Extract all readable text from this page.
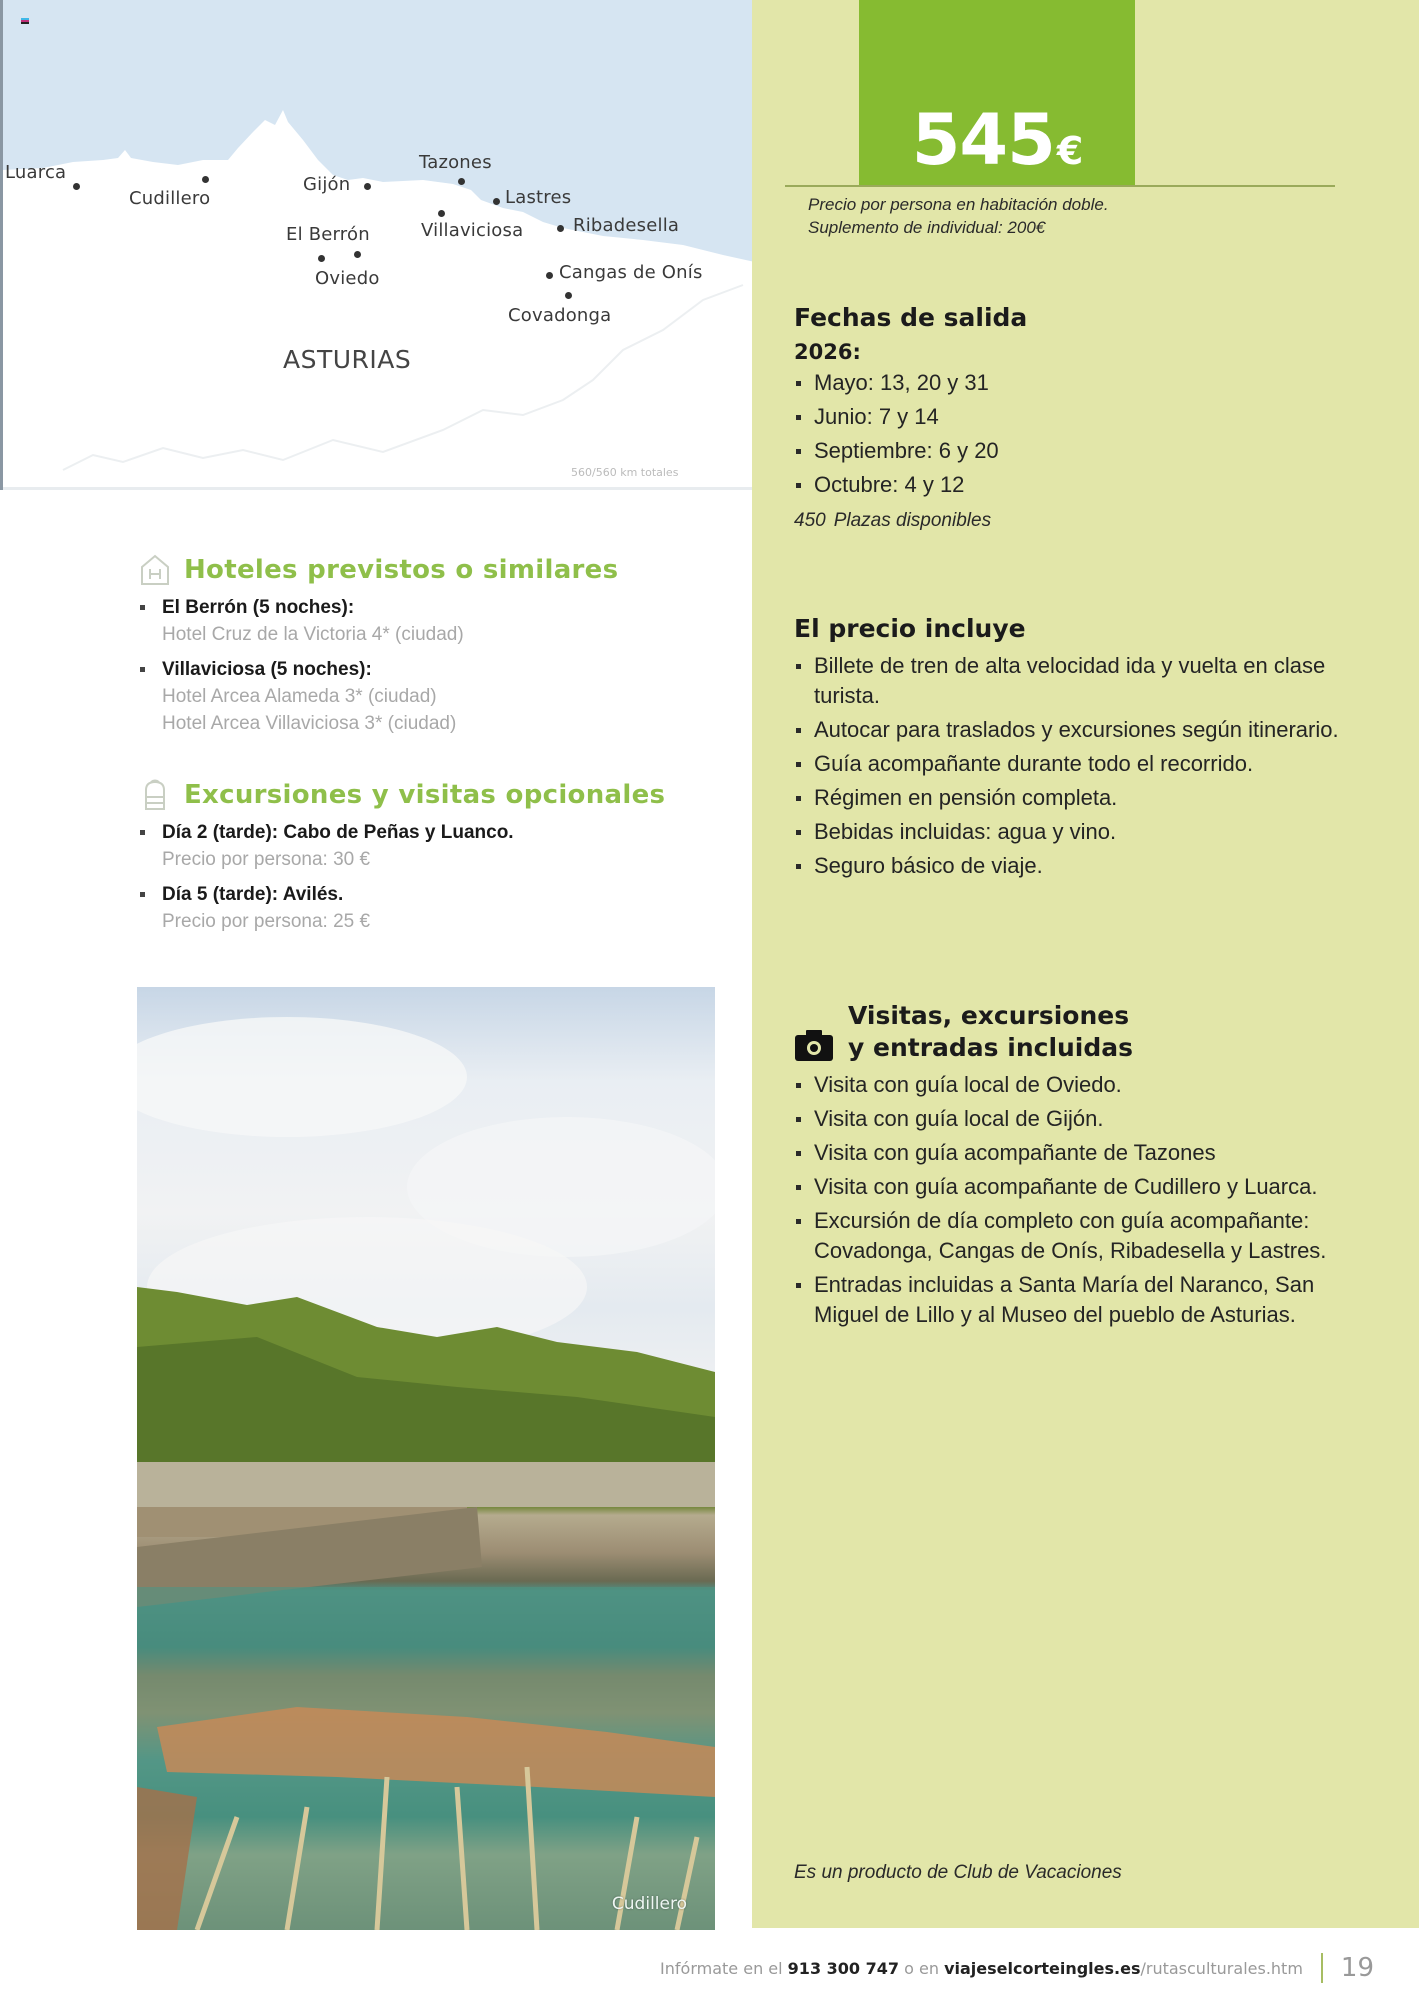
Luarca
Cudillero
Gijón
Tazones
Lastres
Villaviciosa	Ribadesella
El Berrón
Oviedo	Cangas de Onís
Covadonga
ASTURIAS
560/560 km totales
Hoteles previstos o similares
El Berrón (5 noches):
Hotel Cruz de la Victoria 4* (ciudad)
Villaviciosa (5 noches):
Hotel Arcea Alameda 3* (ciudad)
Hotel Arcea Villaviciosa 3* (ciudad)
Excursiones y visitas opcionales
Día 2 (tarde): Cabo de Peñas y Luanco.
Precio por persona: 30 €
Día 5 (tarde): Avilés.
Precio por persona: 25 €
Cudillero
545€
Precio por persona en habitación doble.
Suplemento de individual: 200€
Fechas de salida
2026:
Mayo: 13, 20 y 31
Junio: 7 y 14
Septiembre: 6 y 20
Octubre: 4 y 12
450 Plazas disponibles
El precio incluye
Billete de tren de alta velocidad ida y vuelta en clase turista.
Autocar para traslados y excursiones según itinerario.
Guía acompañante durante todo el recorrido.
Régimen en pensión completa.
Bebidas incluidas: agua y vino.
Seguro básico de viaje.
Visitas, excursiones
y entradas incluidas
Visita con guía local de Oviedo.
Visita con guía local de Gijón.
Visita con guía acompañante de Tazones
Visita con guía acompañante de Cudillero y Luarca.
Excursión de día completo con guía acompañante: Covadonga, Cangas de Onís, Ribadesella y Lastres.
Entradas incluidas a Santa María del Naranco, San Miguel de Lillo y al Museo del pueblo de Asturias.
Es un producto de Club de Vacaciones
Infórmate en el 913 300 747 o en viajeselcorteingles.es/rutasculturales.htm 19
